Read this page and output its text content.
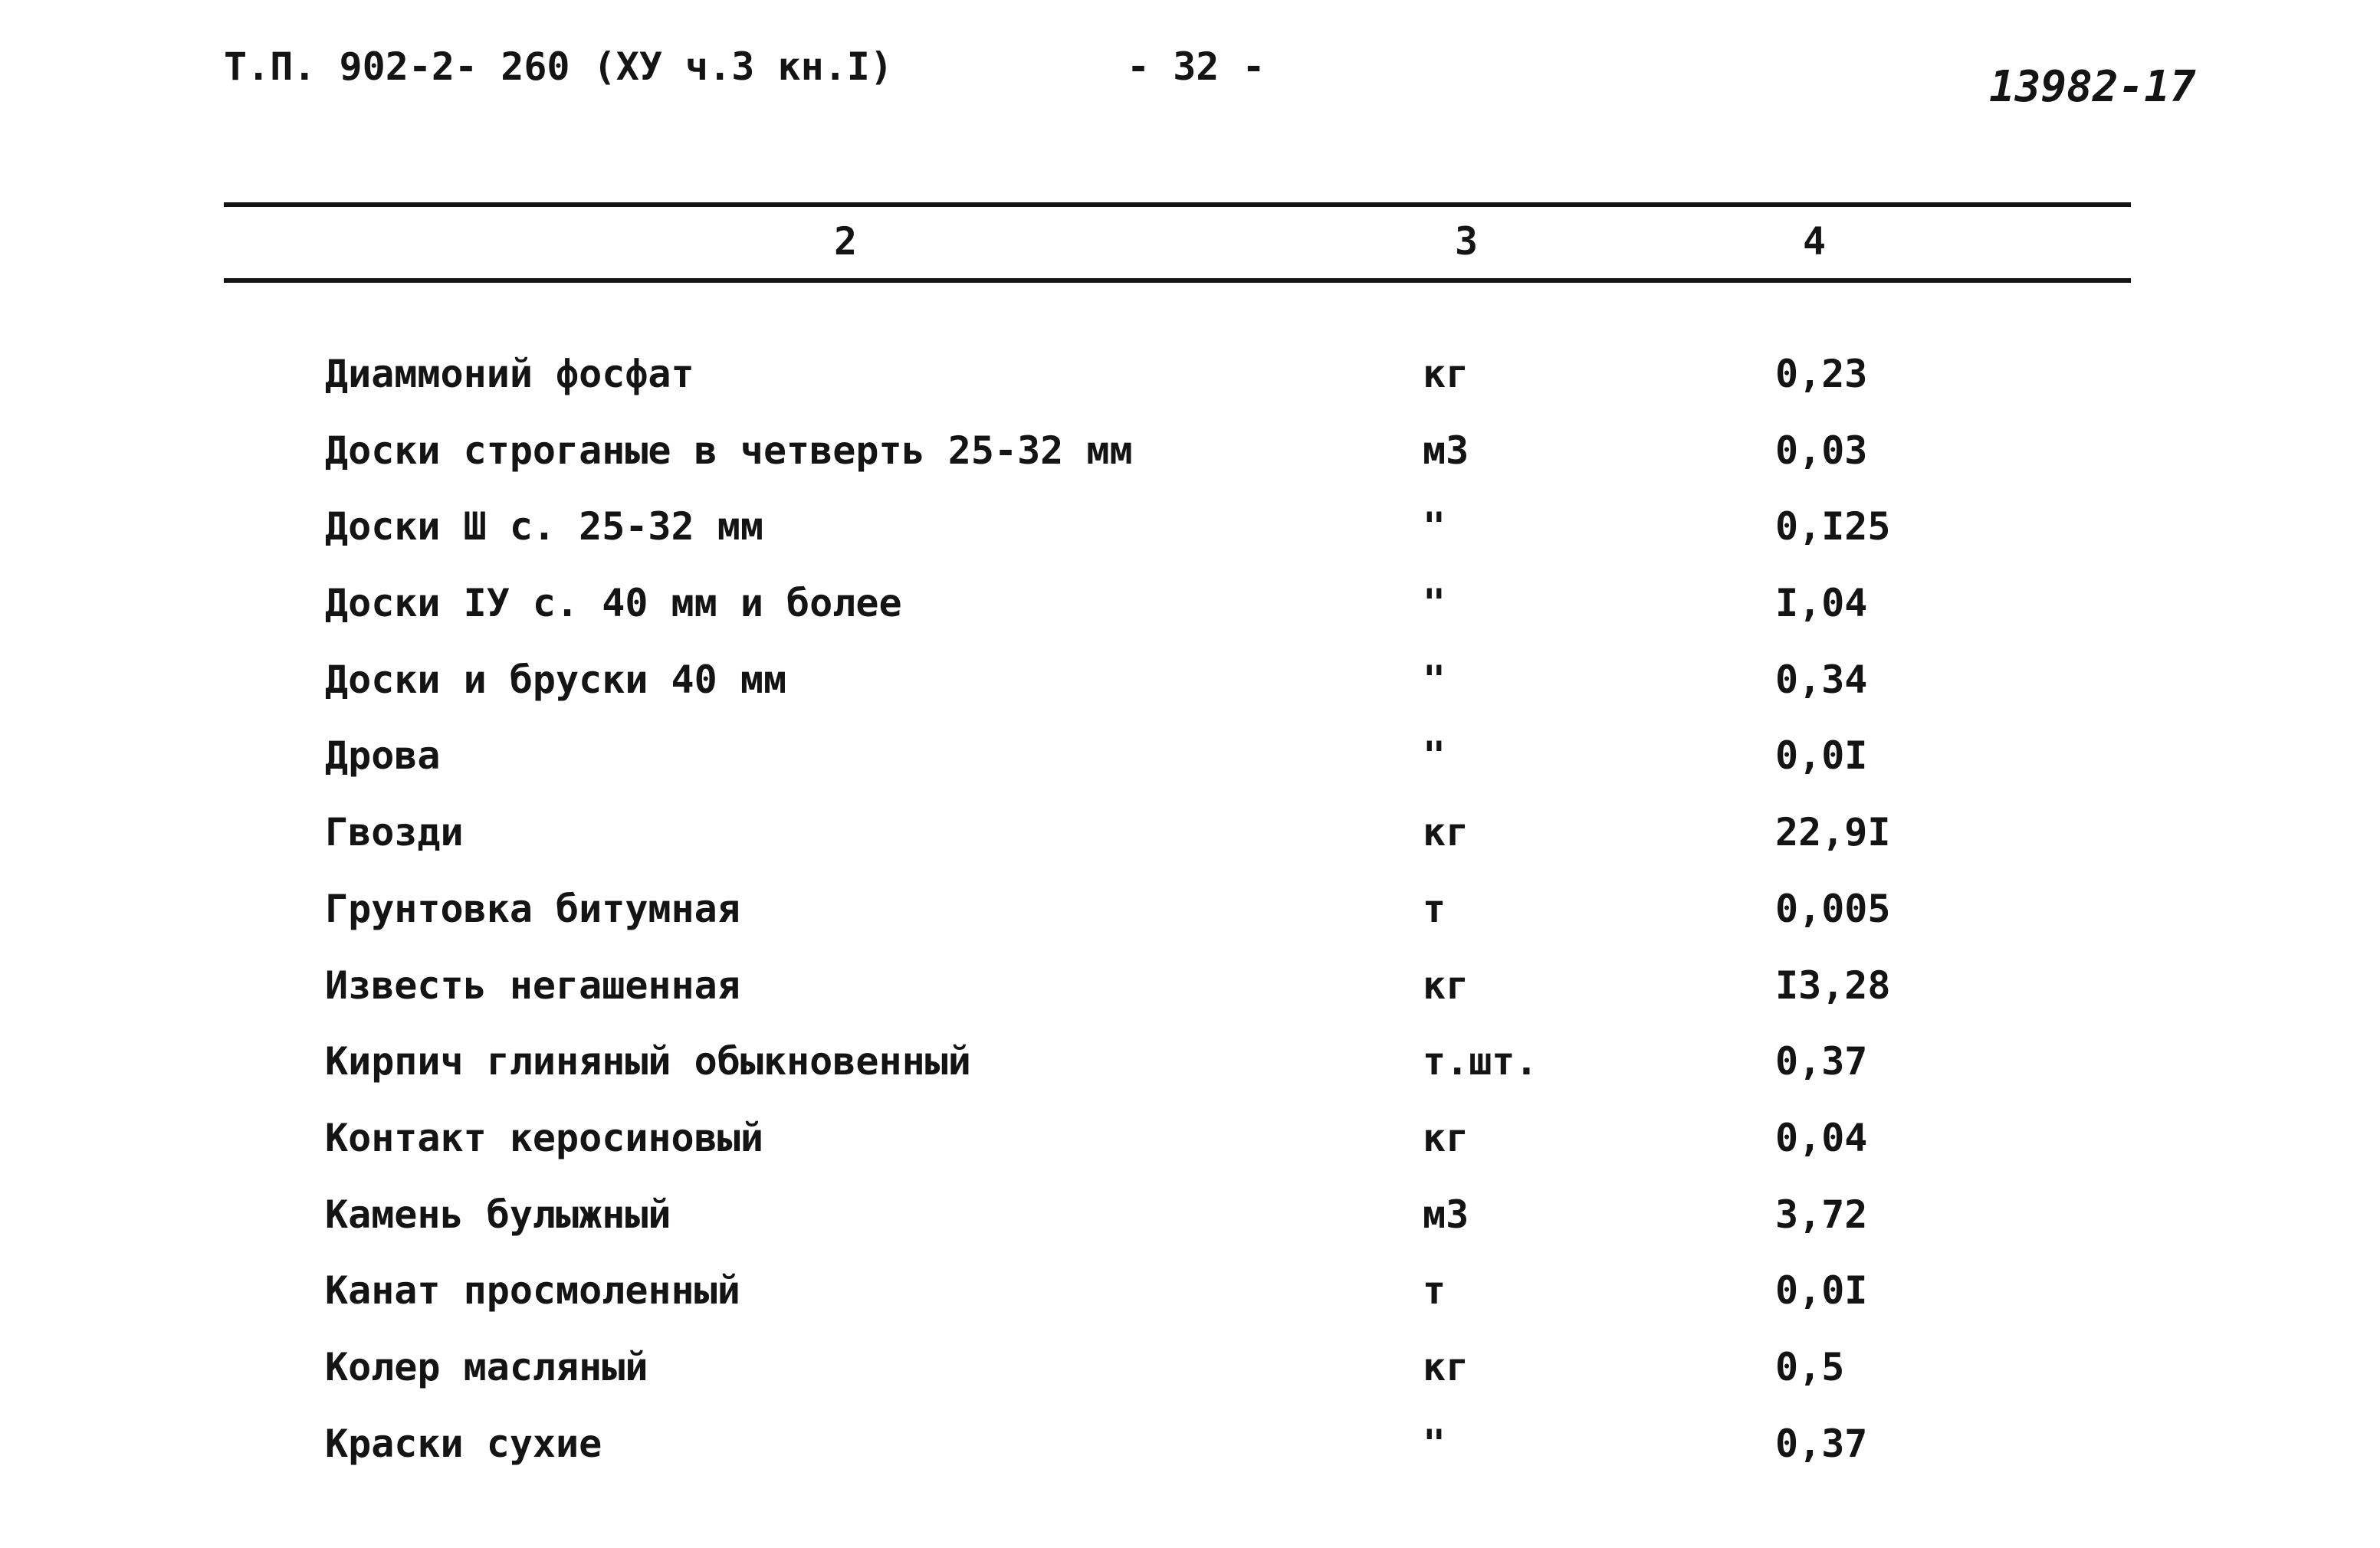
Т.П. 902-2- 260 (ХУ ч.3 кн.I)	- 32 -	13982-17
2	3	4
Диаммоний фосфат	кг	0,23
Доски строганые в четверть 25-32 мм	м3	0,03
Доски Ш с. 25-32 мм	"	0,I25
Доски IУ с. 40 мм и более	"	I,04
Доски и бруски 40 мм	"	0,34
Дрова	"	0,0I
Гвозди	кг	22,9I
Грунтовка битумная	т	0,005
Известь негашенная	кг	I3,28
Кирпич глиняный обыкновенный	т.шт.	0,37
Контакт керосиновый	кг	0,04
Камень булыжный	м3	3,72
Канат просмоленный	т	0,0I
Колер масляный	кг	0,5
Краски сухие	"	0,37
